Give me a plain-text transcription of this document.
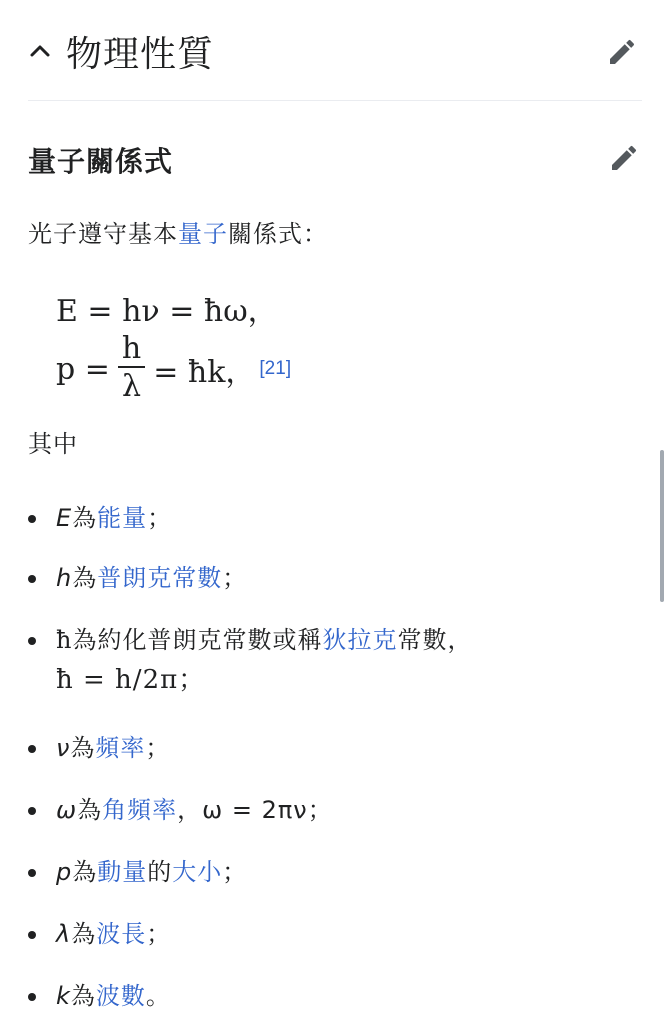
物理性質
量子關係式
光子遵守基本量子關係式：
E = hν = ħω，
$p = \frac{h}{\lambda}$ = ħk， [21]
其中
E為能量；
h為普朗克常數；
ħ為約化普朗克常數或稱狄拉克常數，
ħ = h/2π；
ν為頻率；
ω為角頻率，ω = 2πν；
p為動量的大小；
λ為波長；
k為波數。
